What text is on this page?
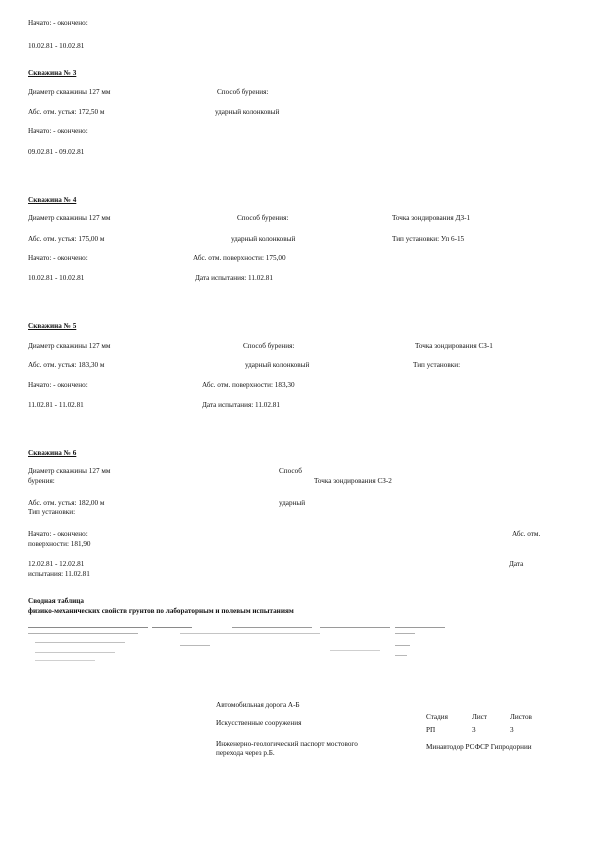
Начато: - окончено:
10.02.81 - 10.02.81
Скважина № 3
Диаметр скважины 127 мм	Способ бурения:
Абс. отм. устья: 172,50 м	ударный колонковый
Начато: - окончено:
09.02.81 - 09.02.81
Скважина № 4
Диаметр скважины 127 мм	Способ бурения:	Точка зондирования ДЗ-1
Абс. отм. устья: 175,00 м	ударный колонковый	Тип установки: Уп 6-15
Начато: - окончено:	Абс. отм. поверхности: 175,00
10.02.81 - 10.02.81	Дата испытания: 11.02.81
Скважина № 5
Диаметр скважины 127 мм	Способ бурения:	Точка зондирования СЗ-1
Абс. отм. устья: 183,30 м	ударный колонковый	Тип установки:
Начато: - окончено:	Абс. отм. поверхности: 183,30
11.02.81 - 11.02.81	Дата испытания: 11.02.81
Скважина № 6
Диаметр скважины 127 мм	Способ
бурения:	Точка зондирования СЗ-2
Абс. отм. устья: 182,00 м	ударный
Тип установки:
Начато: - окончено:	Абс. отм.
поверхности: 181,90
12.02.81 - 12.02.81	Дата
испытания: 11.02.81
Сводная таблица
физико-механических свойств грунтов по лабораторным и полевым испытаниям
Автомобильная дорога А-Б
Искусственные сооружения
Инженерно-геологический паспорт мостового
перехода через р.Б.
Стадия	Лист	Листов
РП	3	3
Минавтодор РСФСР Гипродорнии
